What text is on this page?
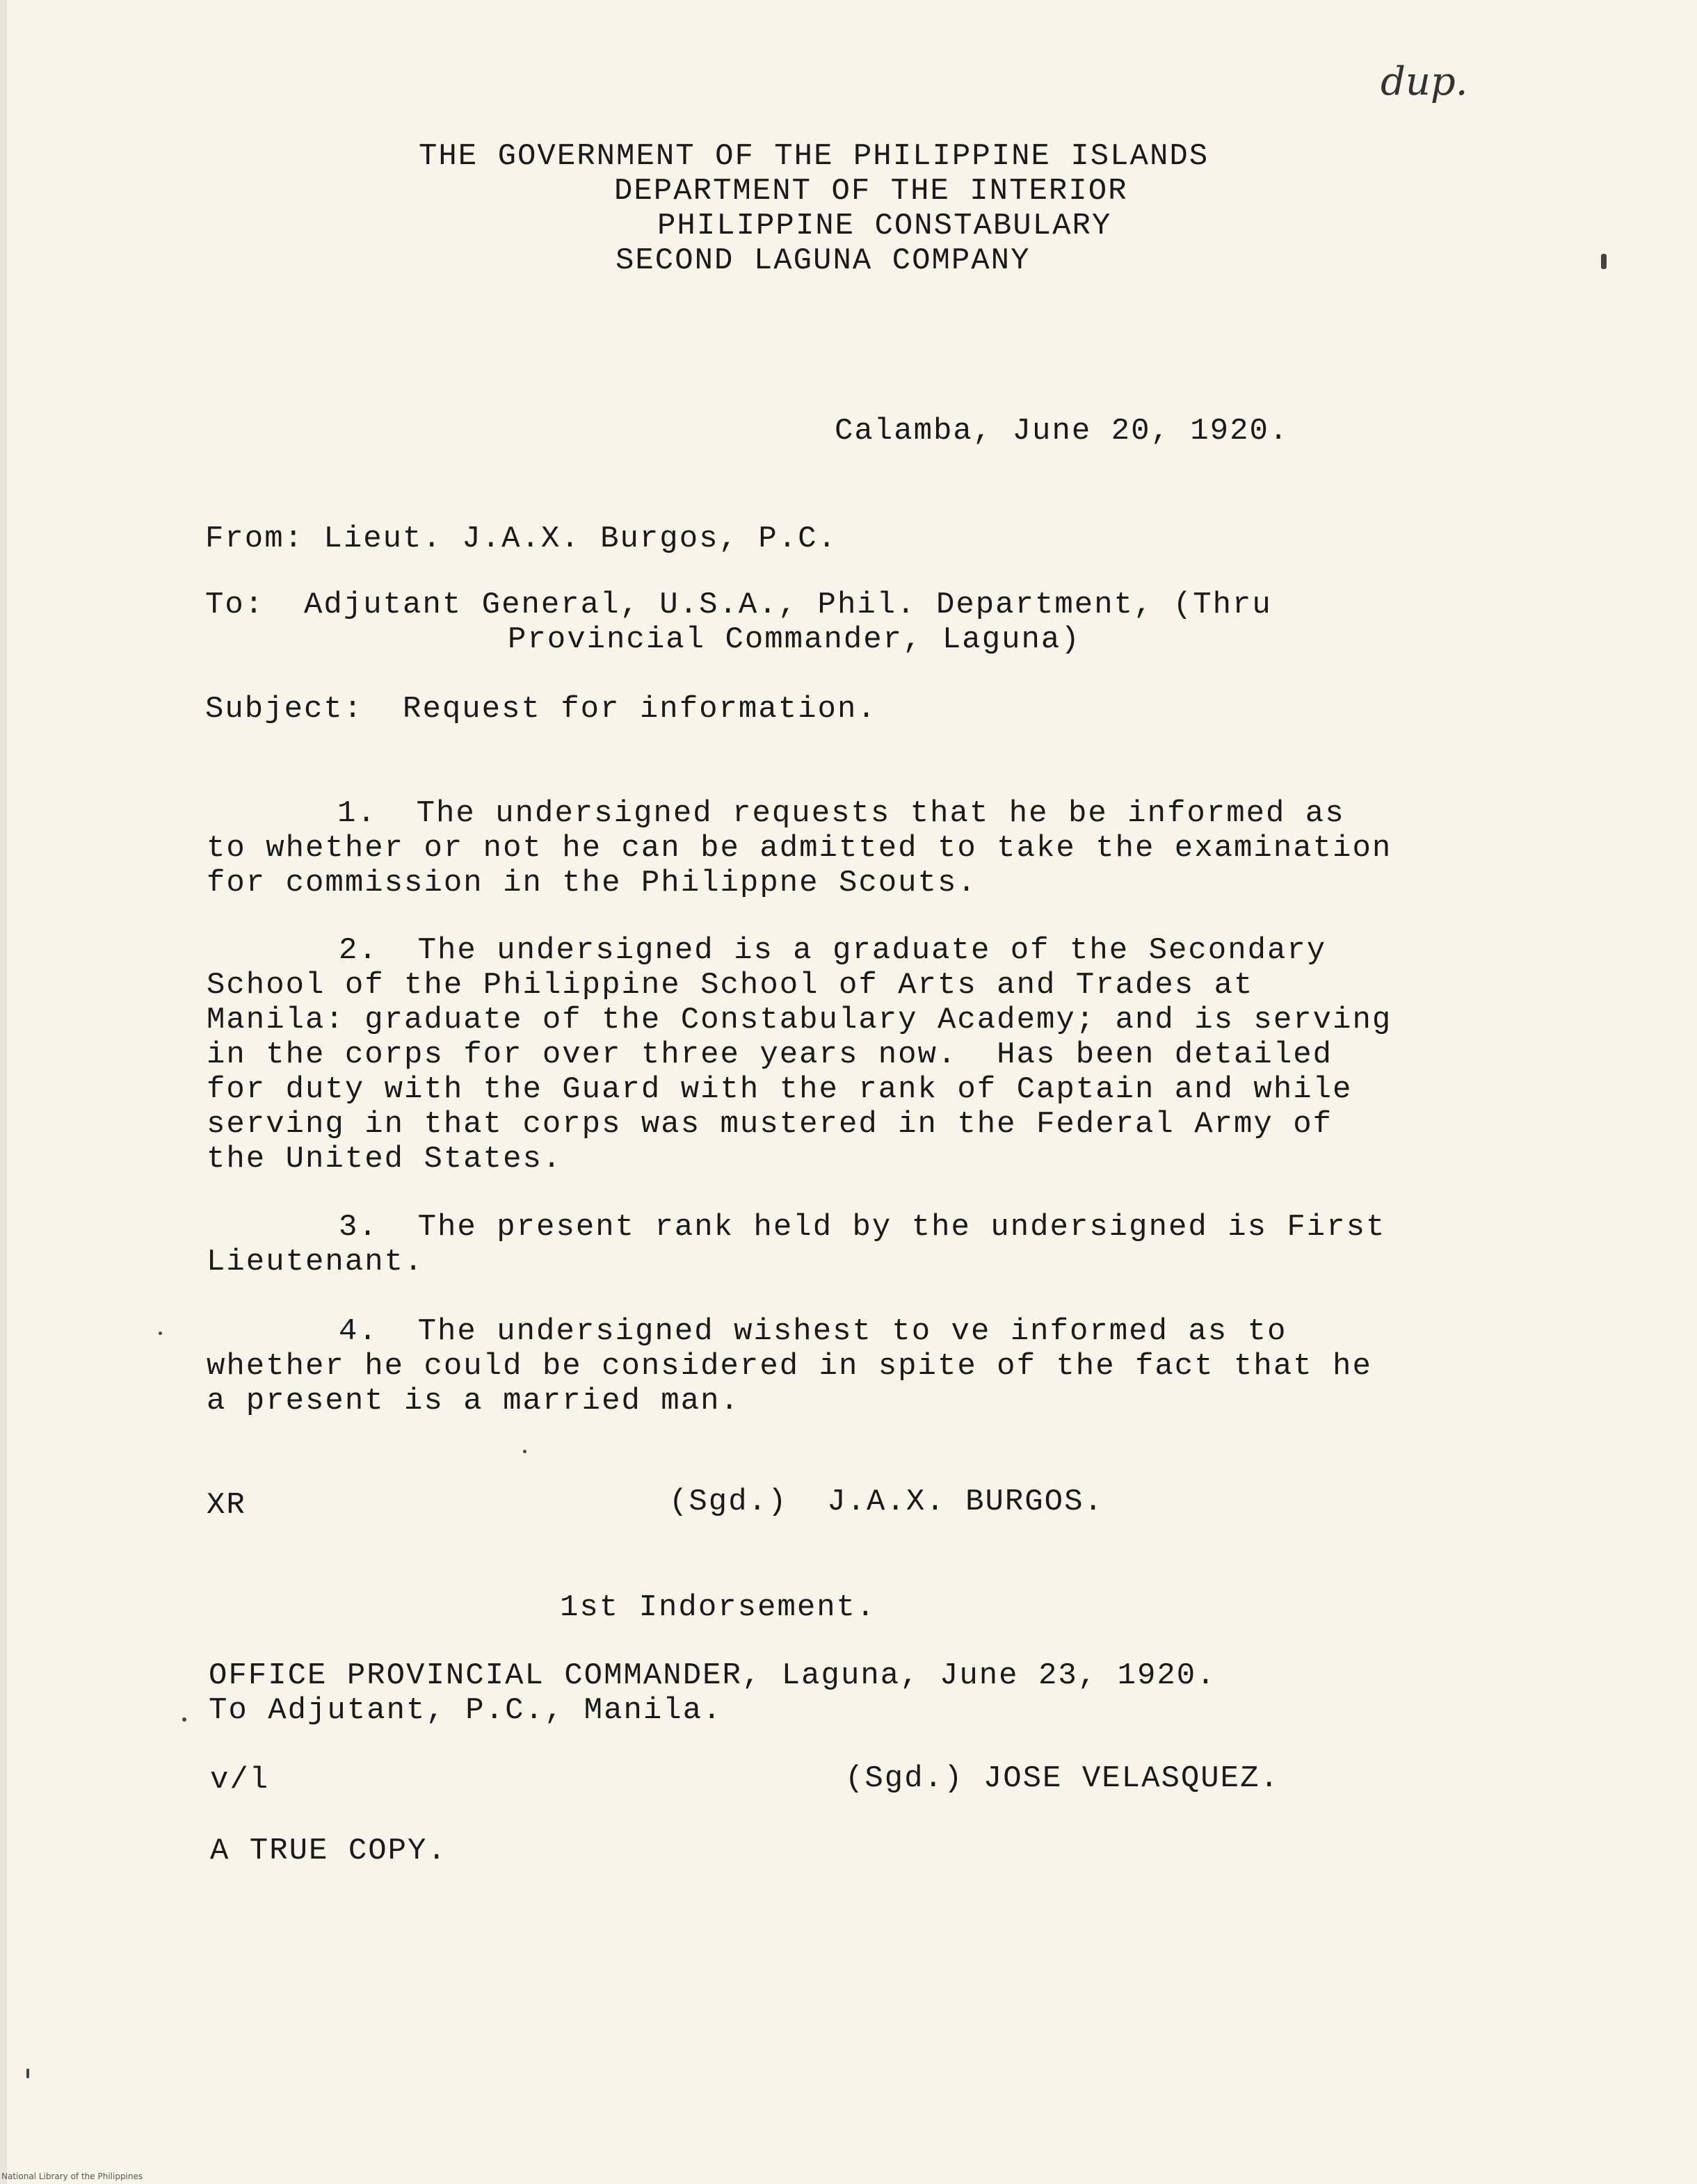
dup.
THE GOVERNMENT OF THE PHILIPPINE ISLANDS
DEPARTMENT OF THE INTERIOR
PHILIPPINE CONSTABULARY
SECOND LAGUNA COMPANY
Calamba, June 20, 1920.
From: Lieut. J.A.X. Burgos, P.C.
To:  Adjutant General, U.S.A., Phil. Department, (Thru
Provincial Commander, Laguna)
Subject:  Request for information.
1.  The undersigned requests that he be informed as
to whether or not he can be admitted to take the examination
for commission in the Philippne Scouts.
2.  The undersigned is a graduate of the Secondary
School of the Philippine School of Arts and Trades at
Manila: graduate of the Constabulary Academy; and is serving
in the corps for over three years now.  Has been detailed
for duty with the Guard with the rank of Captain and while
serving in that corps was mustered in the Federal Army of
the United States.
3.  The present rank held by the undersigned is First
Lieutenant.
4.  The undersigned wishest to ve informed as to
whether he could be considered in spite of the fact that he
a present is a married man.
XR	(Sgd.)  J.A.X. BURGOS.
1st Indorsement.
OFFICE PROVINCIAL COMMANDER, Laguna, June 23, 1920.
To Adjutant, P.C., Manila.
v/l	(Sgd.) JOSE VELASQUEZ.
A TRUE COPY.
National Library of the Philippines
